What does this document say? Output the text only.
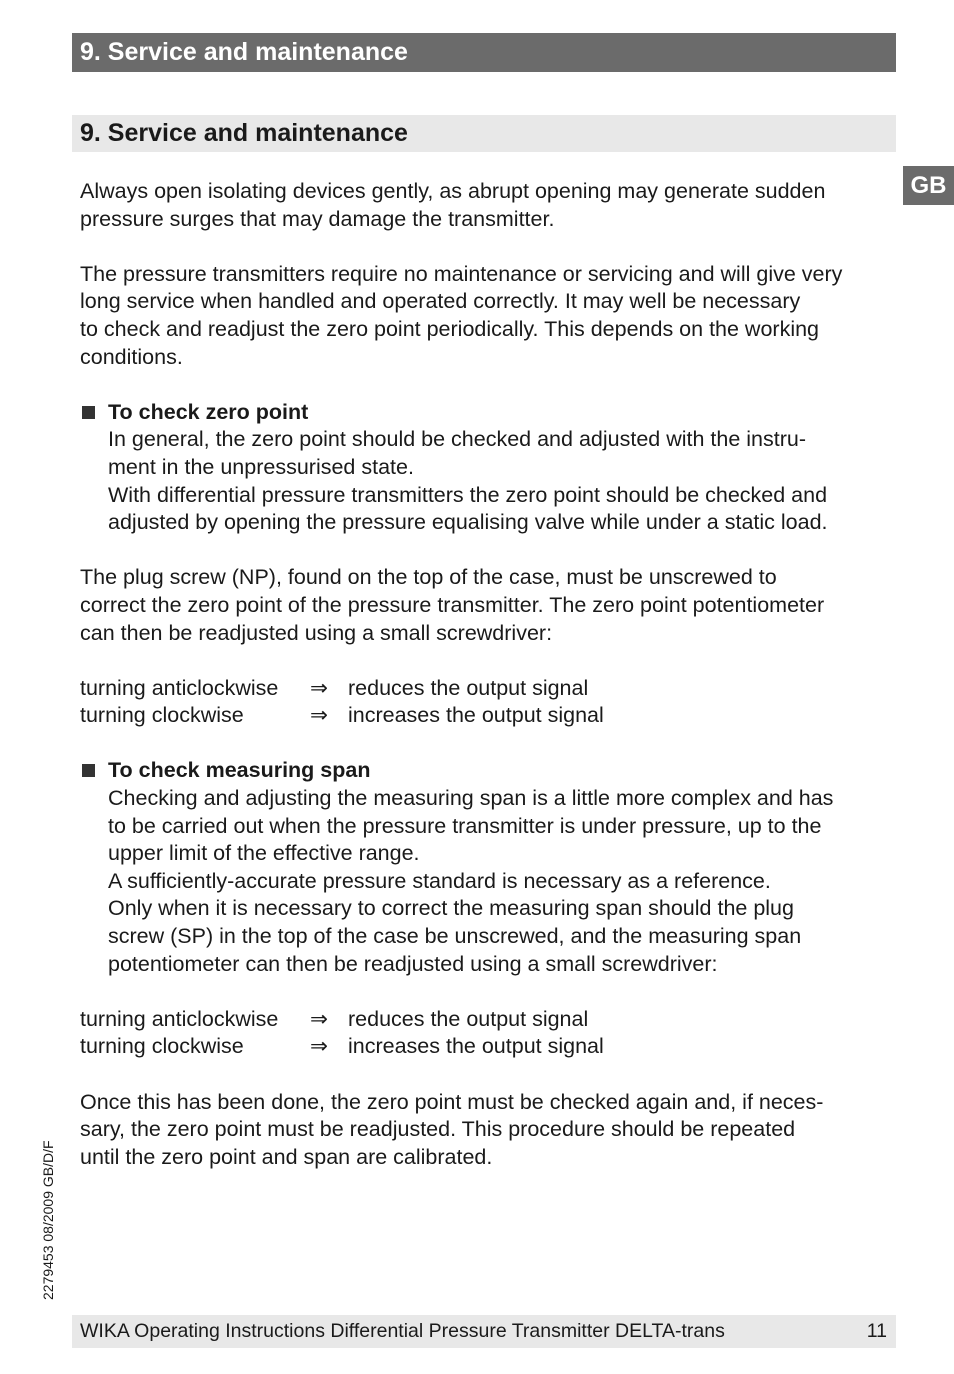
9. Service and maintenance
9. Service and maintenance
GB

Always open isolating devices gently, as abrupt opening may generate sudden
pressure surges that may damage the transmitter.

The pressure transmitters require no maintenance or servicing and will give very
long service when handled and operated correctly. It may well be necessary
to check and readjust the zero point periodically. This depends on the working
conditions.

To check zero point

In general, the zero point should be checked and adjusted with the instru-
ment in the unpressurised state.
With differential pressure transmitters the zero point should be checked and
adjusted by opening the pressure equalising valve while under a static load.

The plug screw (NP), found on the top of the case, must be unscrewed to
correct the zero point of the pressure transmitter. The zero point potentiometer
can then be readjusted using a small screwdriver:

turning anticlockwise	⇒ reduces the output signal
turning clockwise	⇒ increases the output signal
To check measuring span

Checking and adjusting the measuring span is a little more complex and has
to be carried out when the pressure transmitter is under pressure, up to the
upper limit of the effective range.
A sufficiently-accurate pressure standard is necessary as a reference.
Only when it is necessary to correct the measuring span should the plug
screw (SP) in the top of the case be unscrewed, and the measuring span
potentiometer can then be readjusted using a small screwdriver:

turning anticlockwise	⇒ reduces the output signal
turning clockwise	⇒ increases the output signal

Once this has been done, the zero point must be checked again and, if neces-
sary, the zero point must be readjusted. This procedure should be repeated
until the zero point and span are calibrated.

2279453 08/2009 GB/D/F
WIKA Operating Instructions Differential Pressure Transmitter DELTA-trans	11
